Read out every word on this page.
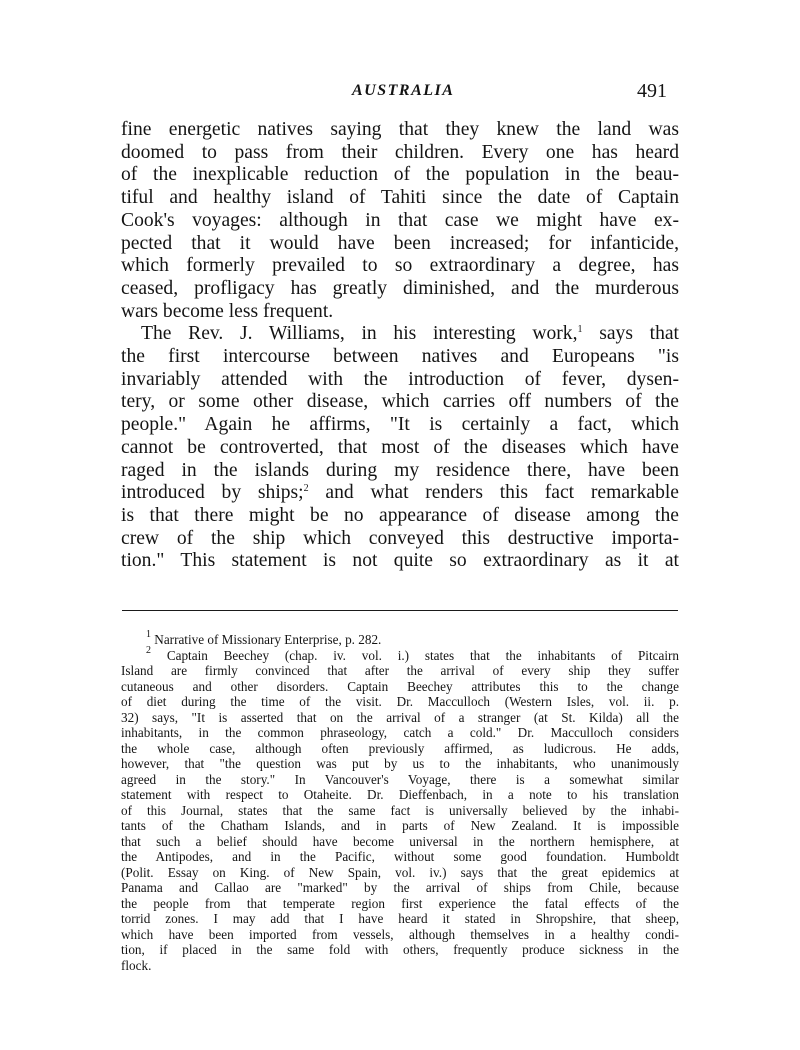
AUSTRALIA	491
fine energetic natives saying that they knew the land was
doomed to pass from their children. Every one has heard
of the inexplicable reduction of the population in the beau-
tiful and healthy island of Tahiti since the date of Captain
Cook's voyages: although in that case we might have ex-
pected that it would have been increased; for infanticide,
which formerly prevailed to so extraordinary a degree, has
ceased, profligacy has greatly diminished, and the murderous
wars become less frequent.
The Rev. J. Williams, in his interesting work,$^1$ says that
the first intercourse between natives and Europeans "is
invariably attended with the introduction of fever, dysen-
tery, or some other disease, which carries off numbers of the
people." Again he affirms, "It is certainly a fact, which
cannot be controverted, that most of the diseases which have
raged in the islands during my residence there, have been
introduced by ships;$^2$ and what renders this fact remarkable
is that there might be no appearance of disease among the
crew of the ship which conveyed this destructive importa-
tion." This statement is not quite so extraordinary as it at
$^1$ Narrative of Missionary Enterprise, p. 282.
$^2$ Captain Beechey (chap. iv. vol. i.) states that the inhabitants of Pitcairn
Island are firmly convinced that after the arrival of every ship they suffer
cutaneous and other disorders. Captain Beechey attributes this to the change
of diet during the time of the visit. Dr. Macculloch (Western Isles, vol. ii. p.
32) says, "It is asserted that on the arrival of a stranger (at St. Kilda) all the
inhabitants, in the common phraseology, catch a cold." Dr. Macculloch considers
the whole case, although often previously affirmed, as ludicrous. He adds,
however, that "the question was put by us to the inhabitants, who unanimously
agreed in the story." In Vancouver's Voyage, there is a somewhat similar
statement with respect to Otaheite. Dr. Dieffenbach, in a note to his translation
of this Journal, states that the same fact is universally believed by the inhabi-
tants of the Chatham Islands, and in parts of New Zealand. It is impossible
that such a belief should have become universal in the northern hemisphere, at
the Antipodes, and in the Pacific, without some good foundation. Humboldt
(Polit. Essay on King. of New Spain, vol. iv.) says that the great epidemics at
Panama and Callao are "marked" by the arrival of ships from Chile, because
the people from that temperate region first experience the fatal effects of the
torrid zones. I may add that I have heard it stated in Shropshire, that sheep,
which have been imported from vessels, although themselves in a healthy condi-
tion, if placed in the same fold with others, frequently produce sickness in the
flock.
